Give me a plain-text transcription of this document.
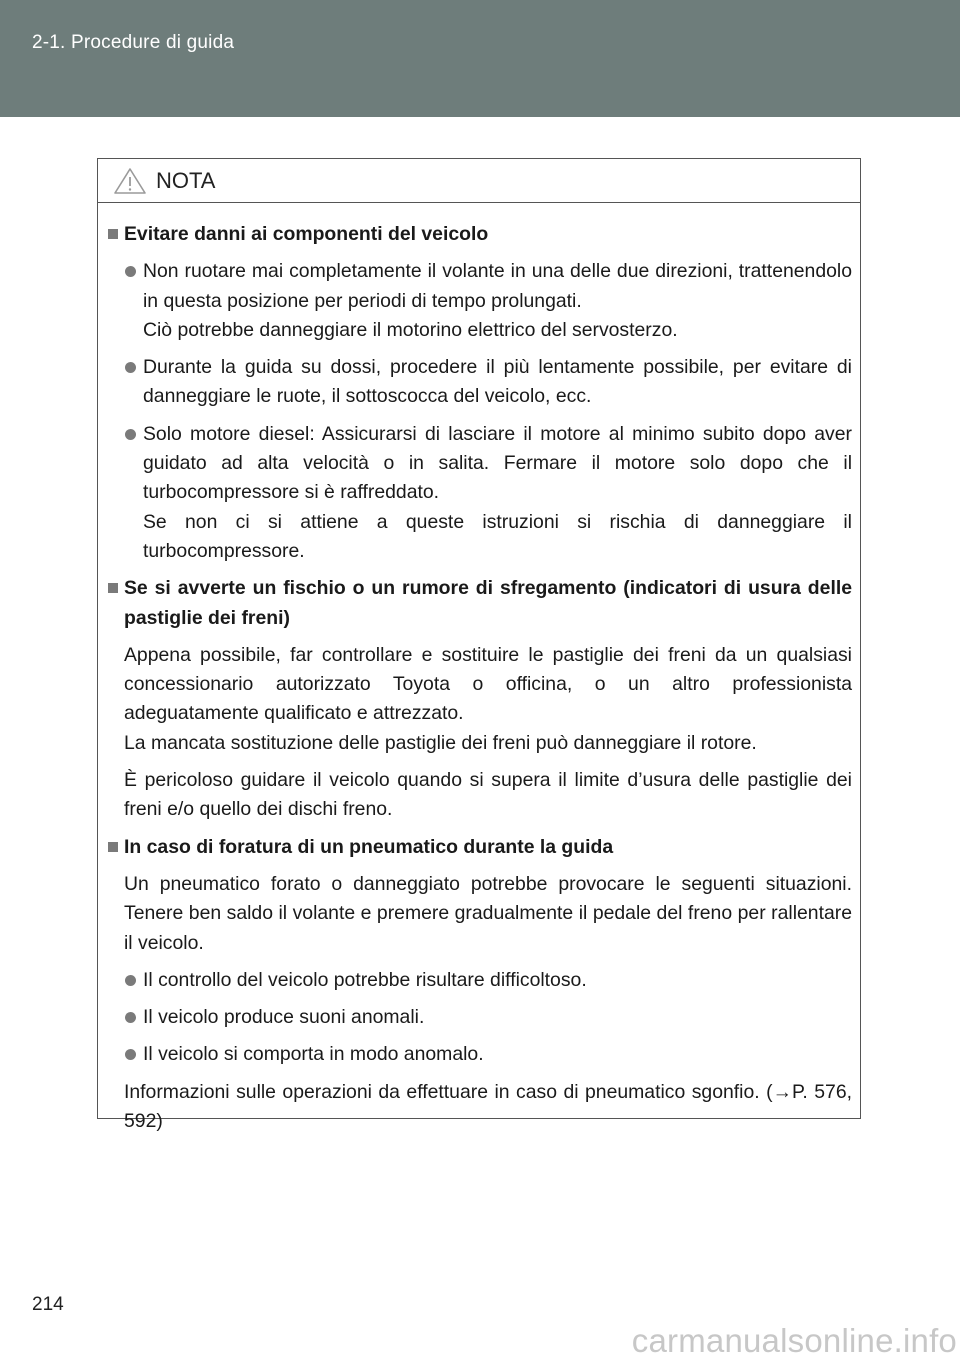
2-1. Procedure di guida
NOTA
Evitare danni ai componenti del veicolo
Non ruotare mai completamente il volante in una delle due direzioni, trattenendolo in questa posizione per periodi di tempo prolungati.
Ciò potrebbe danneggiare il motorino elettrico del servosterzo.
Durante la guida su dossi, procedere il più lentamente possibile, per evitare di danneggiare le ruote, il sottoscocca del veicolo, ecc.
Solo motore diesel: Assicurarsi di lasciare il motore al minimo subito dopo aver guidato ad alta velocità o in salita. Fermare il motore solo dopo che il turbocompressore si è raffreddato.
Se non ci si attiene a queste istruzioni si rischia di danneggiare il turbocompressore.
Se si avverte un fischio o un rumore di sfregamento (indicatori di usura delle pastiglie dei freni)
Appena possibile, far controllare e sostituire le pastiglie dei freni da un qualsiasi concessionario autorizzato Toyota o officina, o un altro professionista adeguatamente qualificato e attrezzato.
La mancata sostituzione delle pastiglie dei freni può danneggiare il rotore.
È pericoloso guidare il veicolo quando si supera il limite d’usura delle pastiglie dei freni e/o quello dei dischi freno.
In caso di foratura di un pneumatico durante la guida
Un pneumatico forato o danneggiato potrebbe provocare le seguenti situazioni. Tenere ben saldo il volante e premere gradualmente il pedale del freno per rallentare il veicolo.
Il controllo del veicolo potrebbe risultare difficoltoso.
Il veicolo produce suoni anomali.
Il veicolo si comporta in modo anomalo.
Informazioni sulle operazioni da effettuare in caso di pneumatico sgonfio. (→P. 576, 592)
214
carmanualsonline.info
